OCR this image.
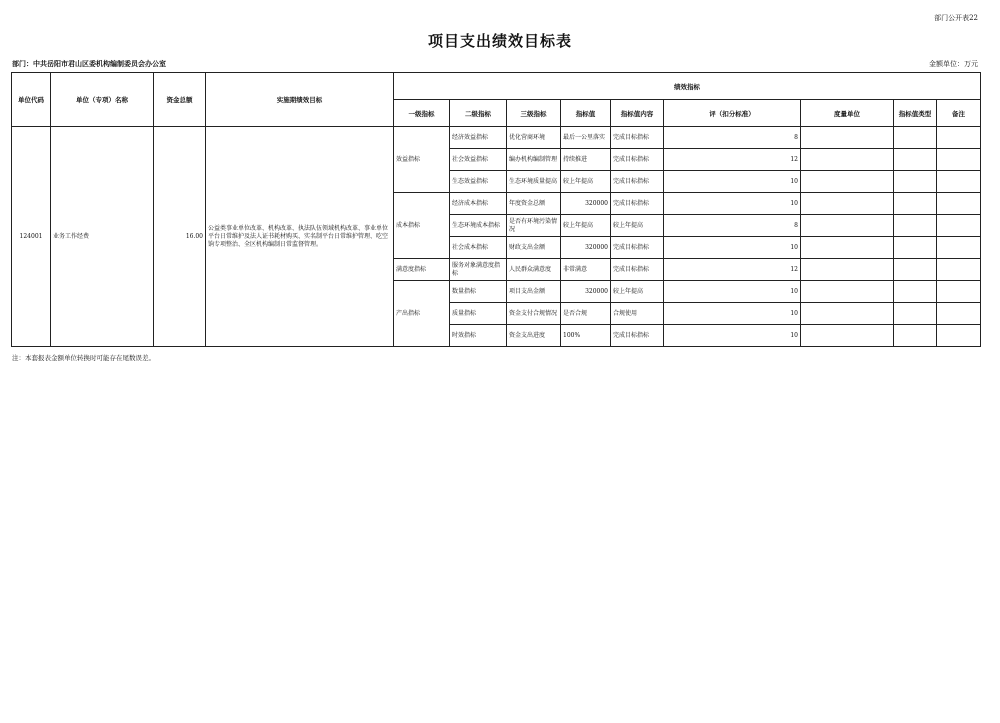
部门公开表22
项目支出绩效目标表
部门：中共岳阳市君山区委机构编制委员会办公室	金额单位：万元
单位代码	单位（专项）名称	资金总额	实施期绩效目标	绩效指标								
				一级指标	二级指标	三级指标	指标值	指标值内容	评（扣分标准）	度量单位	指标值类型	备注
124001	业务工作经费	16.00	公益类事业单位改革、机构改革、执法队伍领域机构改革、事业单位平台日常维护及法人证书耗材购买、实名制平台日常维护管理、吃空饷专项整治、全区机构编制日常监督管理。	效益指标	经济效益指标	优化营商环境	最后一公里落实	完成目标指标	8			
					社会效益指标	编办机构编制管理	持续推进	完成目标指标	12			
					生态效益指标	生态环境质量提高	较上年提高	完成目标指标	10			
				成本指标	经济成本指标	年度资金总额	320000	完成目标指标	10			
					生态环境成本指标	是否有环境污染情况	较上年提高	较上年提高	8			
					社会成本指标	财政支出金额	320000	完成目标指标	10			
				满意度指标	服务对象满意度指标	人民群众满意度	非常满意	完成目标指标	12			
				产出指标	数量指标	项目支出金额	320000	较上年提高	10			
					质量指标	资金支付合规情况	是否合规	合规使用	10			
					时效指标	资金支出进度	100%	完成目标指标	10			
注：本套报表金额单位转换时可能存在尾数误差。
